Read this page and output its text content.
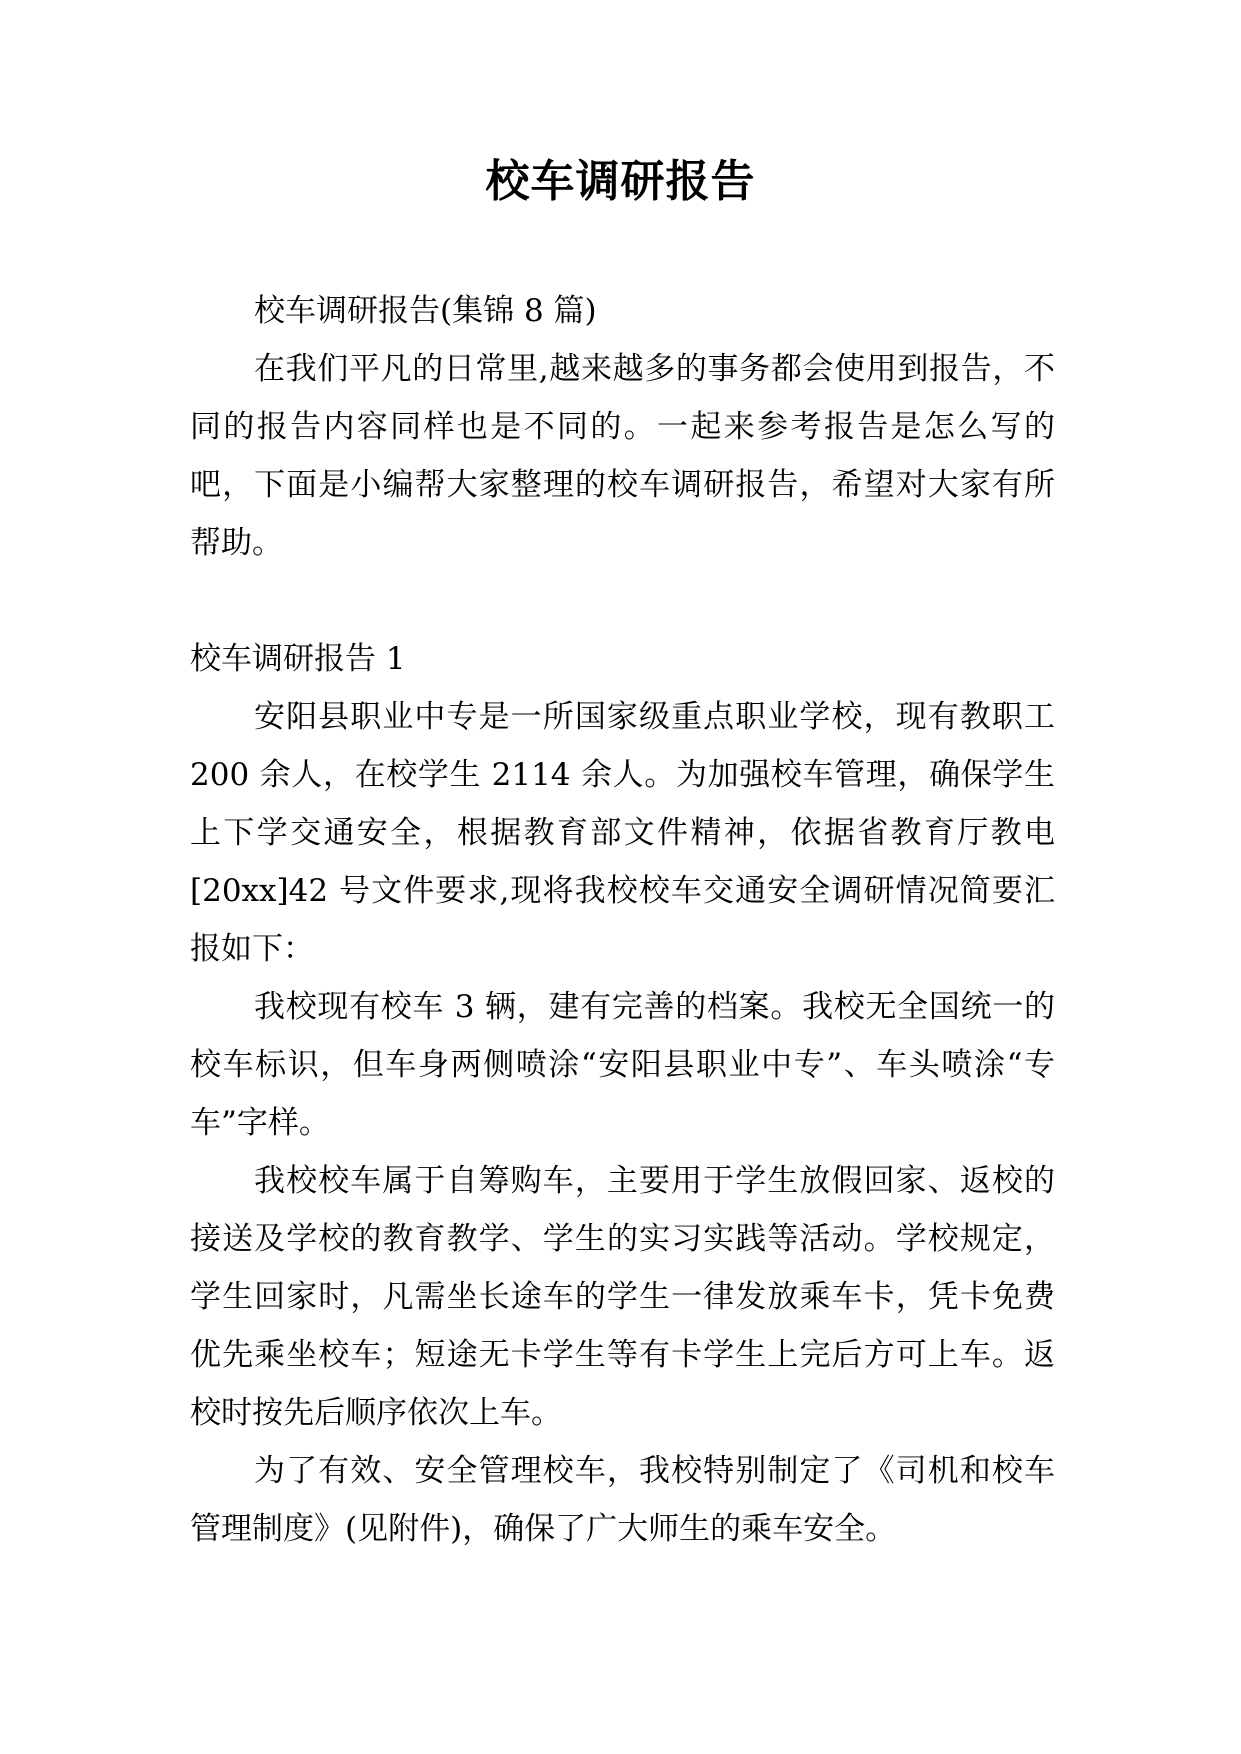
校车调研报告

校车调研报告(集锦 8 篇)

在我们平凡的日常里,越来越多的事务都会使用到报告，不同的报告内容同样也是不同的。一起来参考报告是怎么写的吧，下面是小编帮大家整理的校车调研报告，希望对大家有所帮助。

校车调研报告 1

安阳县职业中专是一所国家级重点职业学校，现有教职工 200 余人，在校学生 2114 余人。为加强校车管理，确保学生上下学交通安全，根据教育部文件精神，依据省教育厅教电[20xx]42 号文件要求,现将我校校车交通安全调研情况简要汇报如下：

我校现有校车 3 辆，建有完善的档案。我校无全国统一的校车标识，但车身两侧喷涂“安阳县职业中专”、车头喷涂“专车”字样。

我校校车属于自筹购车，主要用于学生放假回家、返校的接送及学校的教育教学、学生的实习实践等活动。学校规定，学生回家时，凡需坐长途车的学生一律发放乘车卡，凭卡免费优先乘坐校车；短途无卡学生等有卡学生上完后方可上车。返校时按先后顺序依次上车。

为了有效、安全管理校车，我校特别制定了《司机和校车管理制度》(见附件)，确保了广大师生的乘车安全。
